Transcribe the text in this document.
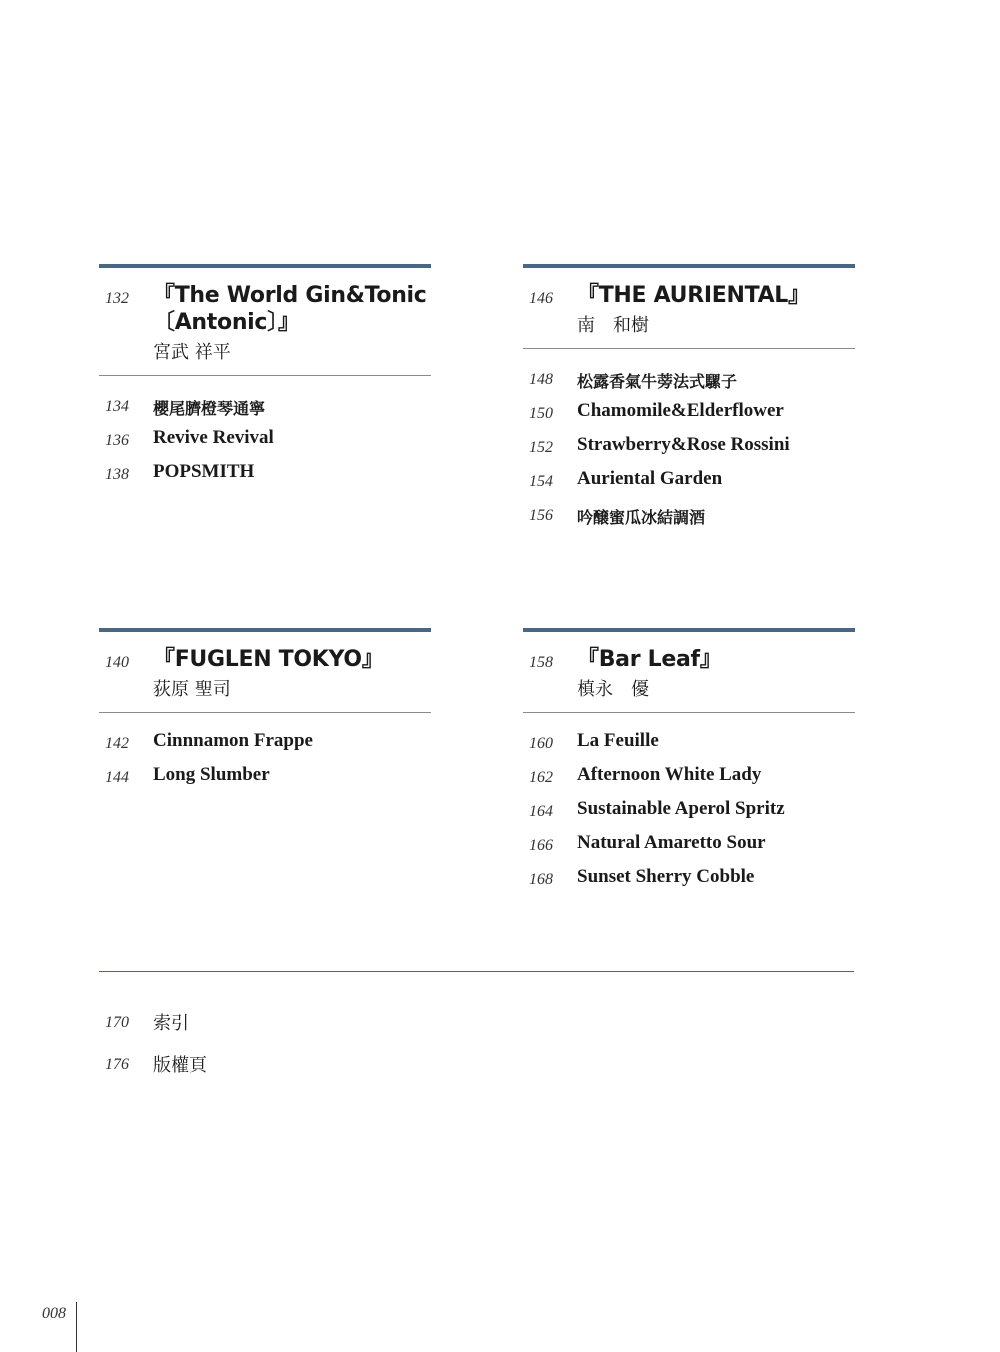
132	『The World Gin&Tonic
〔Antonic〕』
宮武 祥平
134 櫻尾臍橙琴通寧
136 Revive Revival
138 POPSMITH
146	『THE AURIENTAL』
南　和樹
148 松露香氣牛蒡法式騾子
150 Chamomile&Elderflower
152 Strawberry&Rose Rossini
154 Auriental Garden
156 吟醸蜜瓜冰結調酒
140	『FUGLEN TOKYO』
荻原 聖司
142 Cinnnamon Frappe
144 Long Slumber
158	『Bar Leaf』
槙永　優
160 La Feuille
162 Afternoon White Lady
164 Sustainable Aperol Spritz
166 Natural Amaretto Sour
168 Sunset Sherry Cobble
170 索引
176 版權頁
008
